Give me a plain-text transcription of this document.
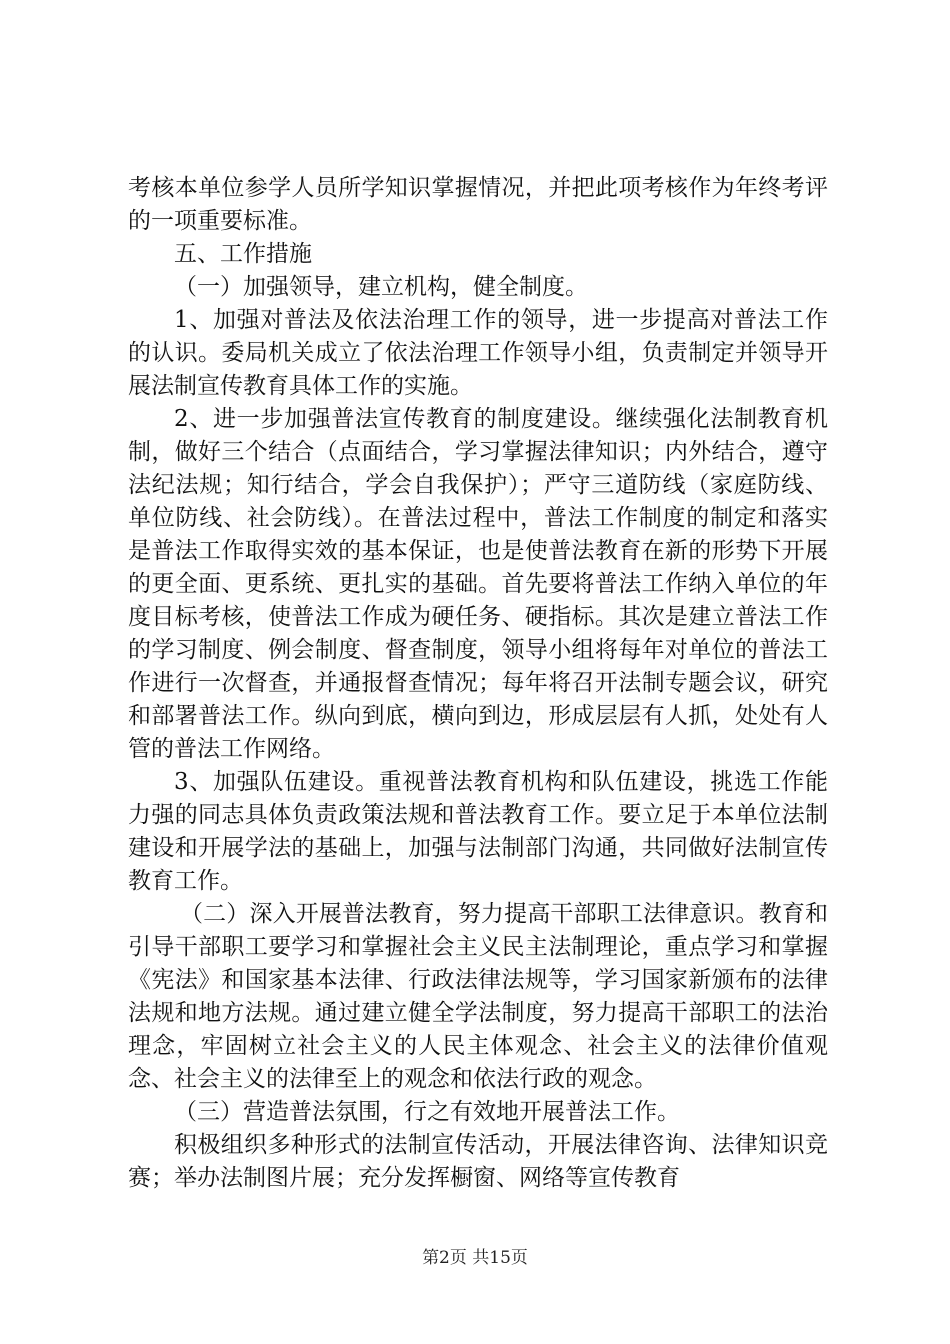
考核本单位参学人员所学知识掌握情况，并把此项考核作为年终考评的一项重要标准。

五、工作措施

（一）加强领导，建立机构，健全制度。

1、加强对普法及依法治理工作的领导，进一步提高对普法工作的认识。委局机关成立了依法治理工作领导小组，负责制定并领导开展法制宣传教育具体工作的实施。

2、进一步加强普法宣传教育的制度建设。继续强化法制教育机制，做好三个结合（点面结合，学习掌握法律知识；内外结合，遵守法纪法规；知行结合，学会自我保护）；严守三道防线（家庭防线、单位防线、社会防线）。在普法过程中，普法工作制度的制定和落实是普法工作取得实效的基本保证，也是使普法教育在新的形势下开展的更全面、更系统、更扎实的基础。首先要将普法工作纳入单位的年度目标考核，使普法工作成为硬任务、硬指标。其次是建立普法工作的学习制度、例会制度、督查制度，领导小组将每年对单位的普法工作进行一次督查，并通报督查情况；每年将召开法制专题会议，研究和部署普法工作。纵向到底，横向到边，形成层层有人抓，处处有人管的普法工作网络。

3、加强队伍建设。重视普法教育机构和队伍建设，挑选工作能力强的同志具体负责政策法规和普法教育工作。要立足于本单位法制建设和开展学法的基础上，加强与法制部门沟通，共同做好法制宣传教育工作。

（二）深入开展普法教育，努力提高干部职工法律意识。教育和引导干部职工要学习和掌握社会主义民主法制理论，重点学习和掌握《宪法》和国家基本法律、行政法律法规等，学习国家新颁布的法律法规和地方法规。通过建立健全学法制度，努力提高干部职工的法治理念，牢固树立社会主义的人民主体观念、社会主义的法律价值观念、社会主义的法律至上的观念和依法行政的观念。

（三）营造普法氛围，行之有效地开展普法工作。

积极组织多种形式的法制宣传活动，开展法律咨询、法律知识竞赛；举办法制图片展；充分发挥橱窗、网络等宣传教育

第2页 共15页
